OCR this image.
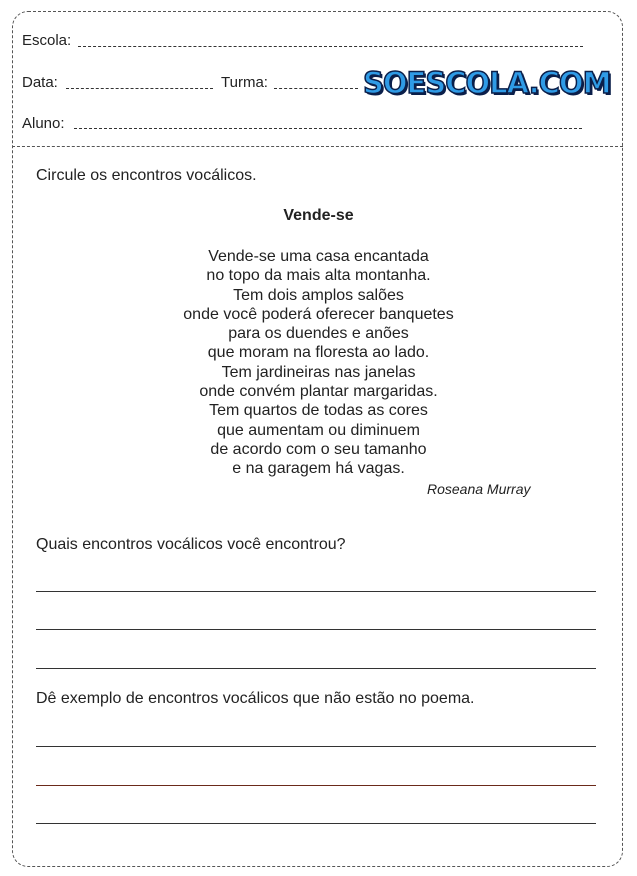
Escola:
Data:	Turma:	SOESCOLA.COM
Aluno:
Circule os encontros vocálicos.
Vende-se
Vende-se uma casa encantada
no topo da mais alta montanha.
Tem dois amplos salões
onde você poderá oferecer banquetes
para os duendes e anões
que moram na floresta ao lado.
Tem jardineiras nas janelas
onde convém plantar margaridas.
Tem quartos de todas as cores
que aumentam ou diminuem
de acordo com o seu tamanho
e na garagem há vagas.
Roseana Murray
Quais encontros vocálicos você encontrou?
Dê exemplo de encontros vocálicos que não estão no poema.
